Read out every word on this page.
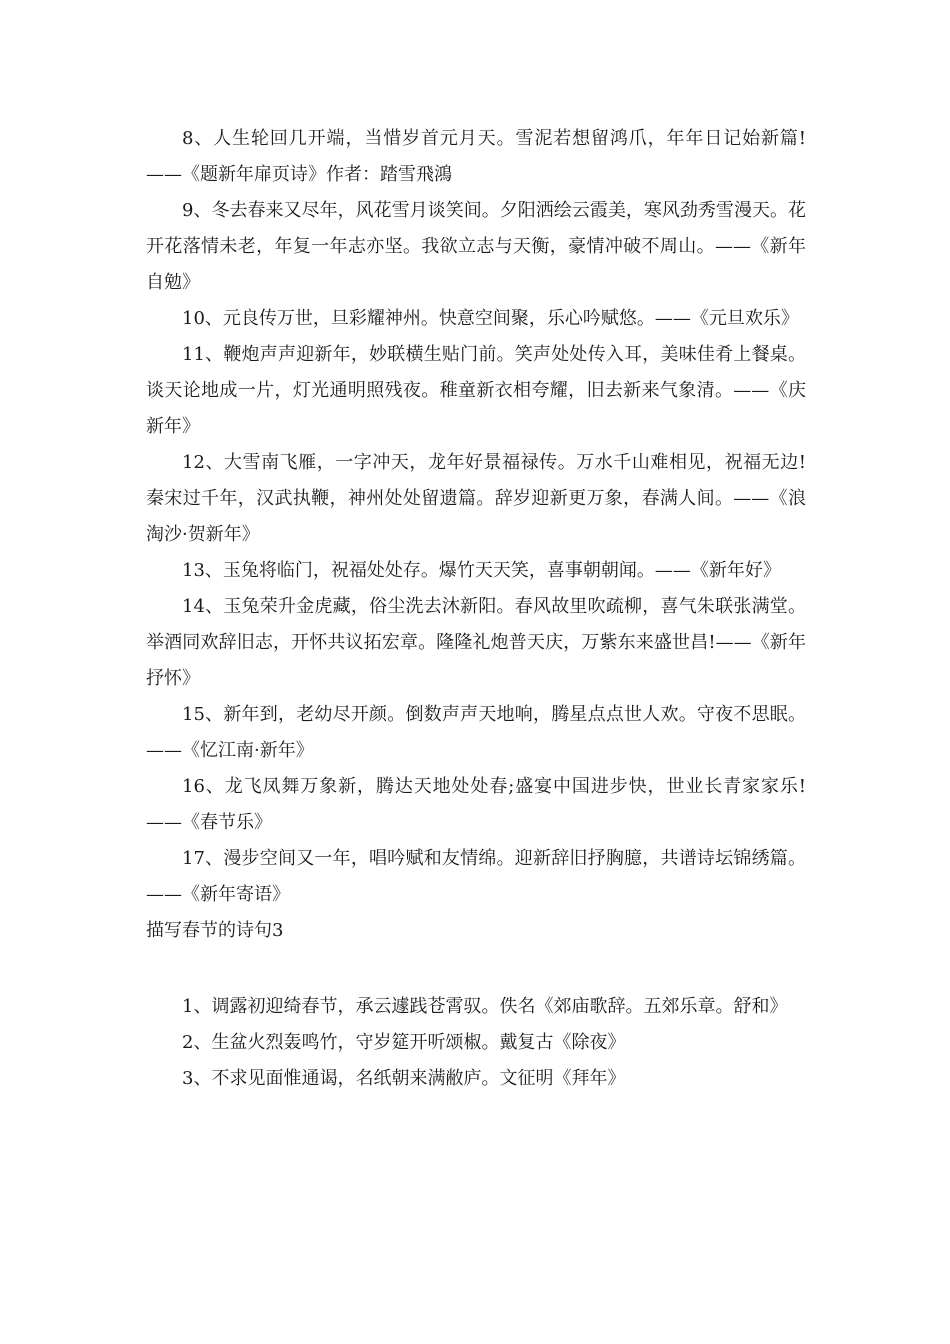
8、人生轮回几开端，当惜岁首元月天。雪泥若想留鸿爪，年年日记始新篇!——《题新年扉页诗》作者：踏雪飛鴻

9、冬去春来又尽年，风花雪月谈笑间。夕阳洒绘云霞美，寒风劲秀雪漫天。花开花落情未老，年复一年志亦坚。我欲立志与天衡，豪情冲破不周山。——《新年自勉》

10、元良传万世，旦彩耀神州。快意空间聚，乐心吟赋悠。——《元旦欢乐》

11、鞭炮声声迎新年，妙联横生贴门前。笑声处处传入耳，美味佳肴上餐桌。谈天论地成一片，灯光通明照残夜。稚童新衣相夸耀，旧去新来气象清。——《庆新年》

12、大雪南飞雁，一字冲天，龙年好景福禄传。万水千山难相见，祝福无边!秦宋过千年，汉武执鞭，神州处处留遗篇。辞岁迎新更万象，春满人间。——《浪淘沙·贺新年》

13、玉兔将临门，祝福处处存。爆竹天天笑，喜事朝朝闻。——《新年好》

14、玉兔荣升金虎藏，俗尘洗去沐新阳。春风故里吹疏柳，喜气朱联张满堂。举酒同欢辞旧志，开怀共议拓宏章。隆隆礼炮普天庆，万紫东来盛世昌!——《新年抒怀》

15、新年到，老幼尽开颜。倒数声声天地响，腾星点点世人欢。守夜不思眠。——《忆江南·新年》

16、龙飞凤舞万象新，腾达天地处处春;盛宴中国进步快，世业长青家家乐!——《春节乐》

17、漫步空间又一年，唱吟赋和友情绵。迎新辞旧抒胸臆，共谱诗坛锦绣篇。——《新年寄语》

描写春节的诗句3

1、调露初迎绮春节，承云遽践苍霄驭。佚名《郊庙歌辞。五郊乐章。舒和》

2、生盆火烈轰鸣竹，守岁筵开听颂椒。戴复古《除夜》

3、不求见面惟通谒，名纸朝来满敝庐。文征明《拜年》
